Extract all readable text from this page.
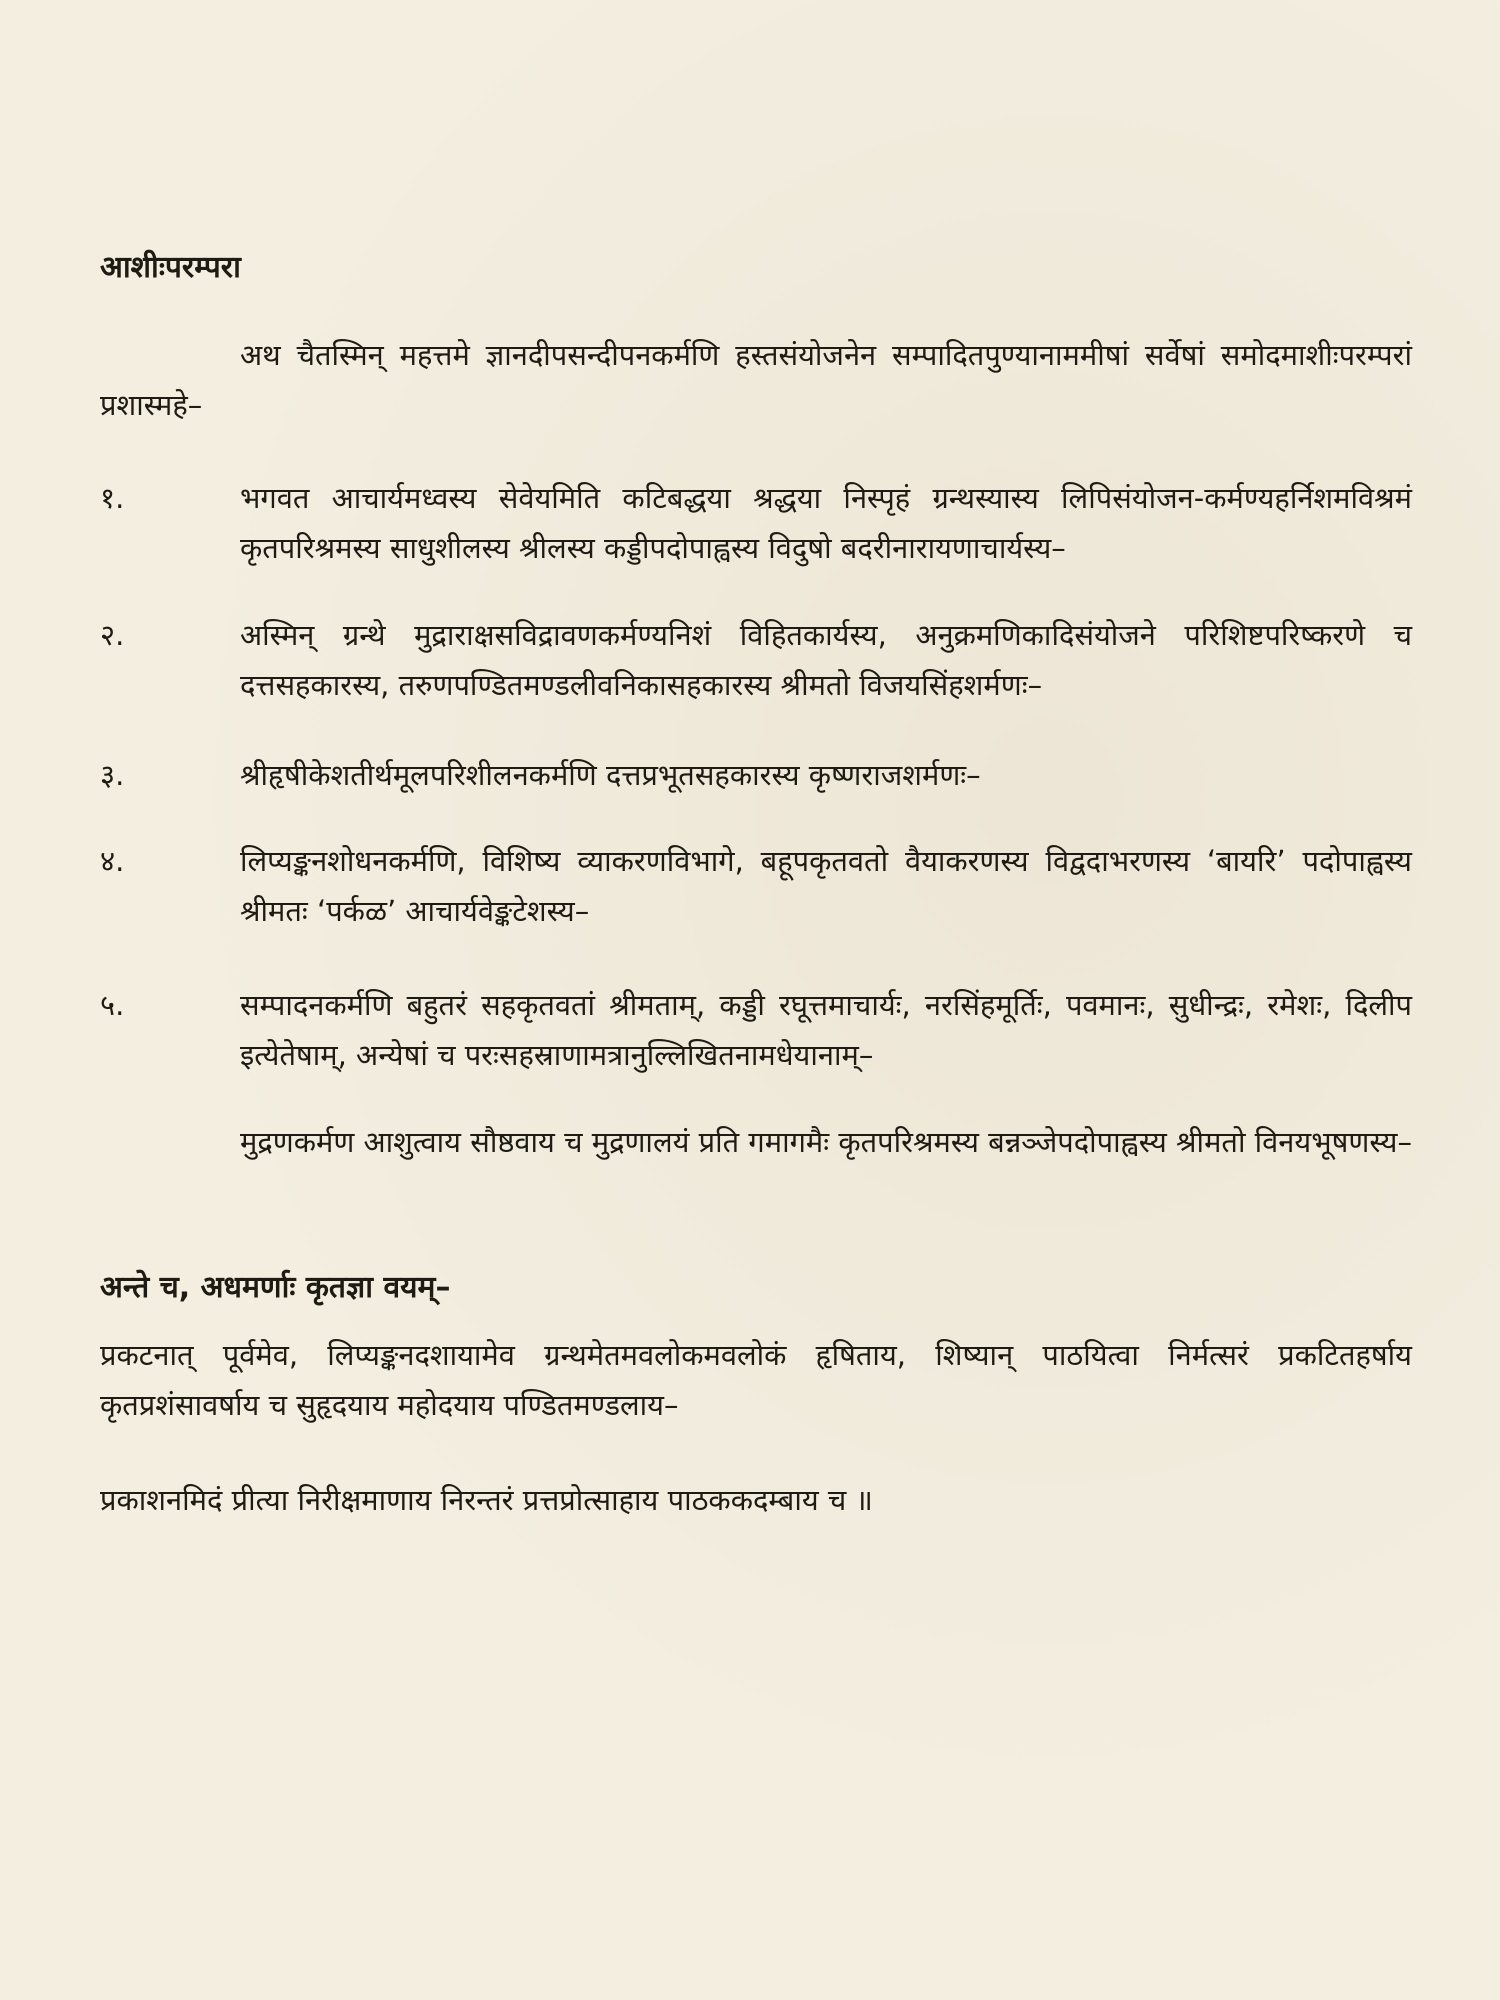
आशीःपरम्परा

अथ चैतस्मिन् महत्तमे ज्ञानदीपसन्दीपनकर्मणि हस्तसंयोजनेन सम्पादितपुण्यानाममीषां सर्वेषां समोदमाशीःपरम्परां प्रशास्महे–

१.	भगवत आचार्यमध्वस्य सेवेयमिति कटिबद्धया श्रद्धया निस्पृहं ग्रन्थस्यास्य लिपिसंयोजन-कर्मण्यहर्निशमविश्रमं कृतपरिश्रमस्य साधुशीलस्य श्रीलस्य कड्डीपदोपाह्वस्य विदुषो बदरीनारायणाचार्यस्य–

२.	अस्मिन् ग्रन्थे मुद्राराक्षसविद्रावणकर्मण्यनिशं विहितकार्यस्य, अनुक्रमणिकादिसंयोजने परिशिष्टपरिष्करणे च दत्तसहकारस्य, तरुणपण्डितमण्डलीवनिकासहकारस्य श्रीमतो विजयसिंहशर्मणः–

३.	श्रीहृषीकेशतीर्थमूलपरिशीलनकर्मणि दत्तप्रभूतसहकारस्य कृष्णराजशर्मणः–

४.	लिप्यङ्कनशोधनकर्मणि, विशिष्य व्याकरणविभागे, बहूपकृतवतो वैयाकरणस्य विद्वदाभरणस्य ‘बायरि’ पदोपाह्वस्य श्रीमतः ‘पर्कळ’ आचार्यवेङ्कटेशस्य–

५.	सम्पादनकर्मणि बहुतरं सहकृतवतां श्रीमताम्, कड्डी रघूत्तमाचार्यः, नरसिंहमूर्तिः, पवमानः, सुधीन्द्रः, रमेशः, दिलीप इत्येतेषाम्, अन्येषां च परःसहस्राणामत्रानुल्लिखितनामधेयानाम्–

मुद्रणकर्मण आशुत्वाय सौष्ठवाय च मुद्रणालयं प्रति गमागमैः कृतपरिश्रमस्य बन्नञ्जेपदोपाह्वस्य श्रीमतो विनयभूषणस्य–

अन्ते च, अधमर्णाः कृतज्ञा वयम्–

प्रकटनात् पूर्वमेव, लिप्यङ्कनदशायामेव ग्रन्थमेतमवलोकमवलोकं हृषिताय, शिष्यान् पाठयित्वा निर्मत्सरं प्रकटितहर्षाय कृतप्रशंसावर्षाय च सुहृदयाय महोदयाय पण्डितमण्डलाय–

प्रकाशनमिदं प्रीत्या निरीक्षमाणाय निरन्तरं प्रत्तप्रोत्साहाय पाठककदम्बाय च ॥
